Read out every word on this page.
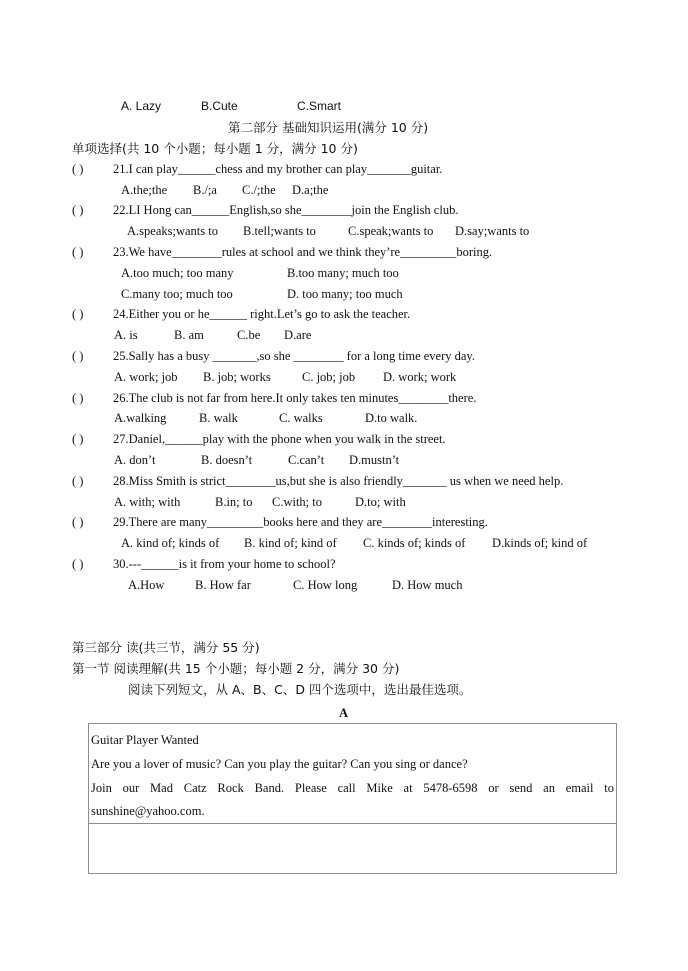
A. Lazy	B.Cute	C.Smart
第二部分 基础知识运用(满分 10 分)
单项选择(共 10 个小题；每小题 1 分，满分 10 分)
( ) 21.I can play______chess and my brother can play_______guitar.
A.the;the B./;a C./;the D.a;the
( ) 22.LI Hong can______English,so she________join the English club.
A.speaks;wants to B.tell;wants to	C.speak;wants to D.say;wants to
( ) 23.We have________rules at school and we think they’re_________boring.
A.too much; too many	B.too many; much too
C.many too; much too	D. too many; too much
( ) 24.Either you or he______ right.Let’s go to ask the teacher.
A. is	B. am	C.be D.are
( ) 25.Sally has a busy _______,so she ________ for a long time every day.
A. work; job B. job; works	C. job; job D. work; work
( ) 26.The club is not far from here.It only takes ten minutes________there.
A.walking	B. walk	C. walks	D.to walk.
( ) 27.Daniel,______play with the phone when you walk in the street.
A. don’t	B. doesn’t	C.can’t D.mustn’t
( ) 28.Miss Smith is strict________us,but she is also friendly_______ us when we need help.
A. with; with	B.in; to C.with; to	D.to; with
( ) 29.There are many_________books here and they are________interesting.
A. kind of; kinds of B. kind of; kind of C. kinds of; kinds of D.kinds of; kind of
( ) 30.---______is it from your home to school?
A.How B. How far	C. How long	D. How much
第三部分 读(共三节，满分 55 分)
第一节 阅读理解(共 15 个小题；每小题 2 分，满分 30 分)
阅读下列短文，从 A、B、C、D 四个选项中，选出最佳选项。
A
Guitar Player Wanted
Are you a lover of music? Can you play the guitar? Can you sing or dance?
Join our Mad Catz Rock Band. Please call Mike at 5478-6598 or send an email to
sunshine@yahoo.com.
